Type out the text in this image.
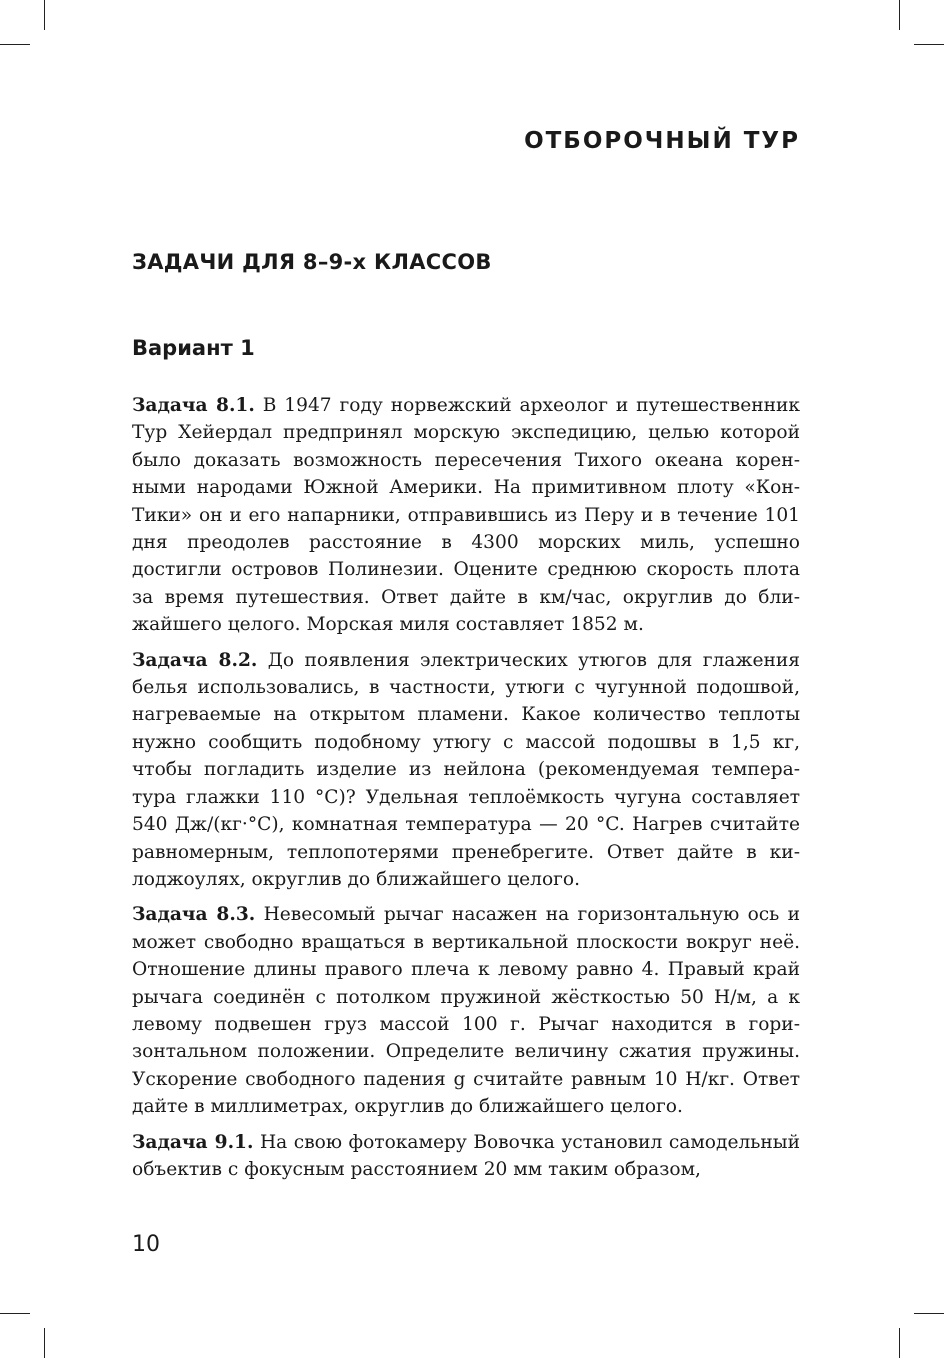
ОТБОРОЧНЫЙ ТУР
ЗАДАЧИ ДЛЯ 8–9-х КЛАССОВ
Вариант 1

Задача 8.1. В 1947 году норвежский археолог и путешественник Тур Хейердал предпринял морскую экспедицию, целью которой было доказать возможность пересечения Тихого океана коренными народами Южной Америки. На примитивном плоту «Кон-Тики» он и его напарники, отправившись из Перу и в течение 101 дня преодолев расстояние в 4300 морских миль, успешно достигли островов Полинезии. Оцените среднюю скорость плота за время путешествия. Ответ дайте в км/час, округлив до ближайшего целого. Морская миля составляет 1852 м.

Задача 8.2. До появления электрических утюгов для глажения белья использовались, в частности, утюги с чугунной подошвой, нагреваемые на открытом пламени. Какое количество теплоты нужно сообщить подобному утюгу с массой подошвы в 1,5 кг, чтобы погладить изделие из нейлона (рекомендуемая температура глажки 110 °C)? Удельная теплоёмкость чугуна составляет 540 Дж/(кг·°C), комнатная температура — 20 °C. Нагрев считайте равномерным, теплопотерями пренебрегите. Ответ дайте в килоджоулях, округлив до ближайшего целого.

Задача 8.3. Невесомый рычаг насажен на горизонтальную ось и может свободно вращаться в вертикальной плоскости вокруг неё. Отношение длины правого плеча к левому равно 4. Правый край рычага соединён с потолком пружиной жёсткостью 50 Н/м, а к левому подвешен груз массой 100 г. Рычаг находится в горизонтальном положении. Определите величину сжатия пружины. Ускорение свободного падения g считайте равным 10 Н/кг. Ответ дайте в миллиметрах, округлив до ближайшего целого.

Задача 9.1. На свою фотокамеру Вовочка установил самодельный объектив с фокусным расстоянием 20 мм таким образом,

10
